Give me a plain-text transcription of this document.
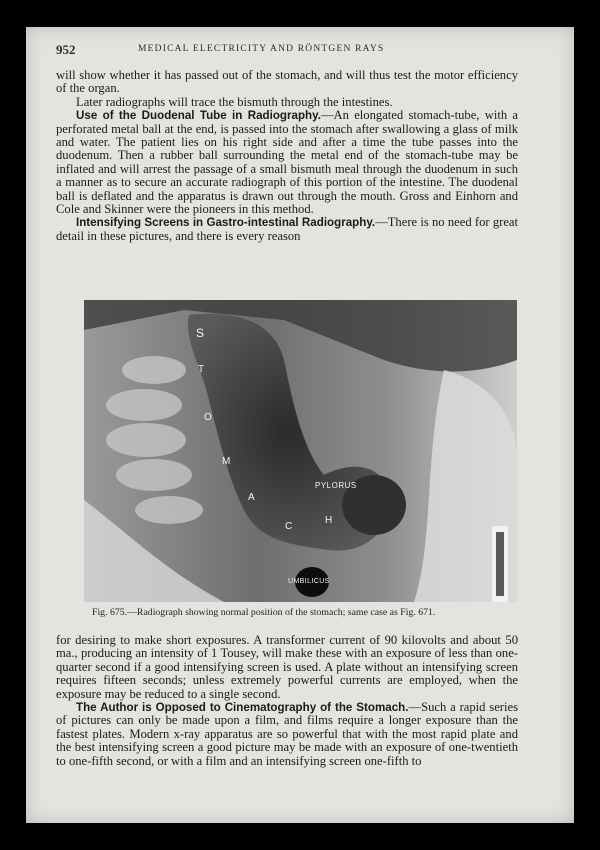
952	MEDICAL ELECTRICITY AND RÖNTGEN RAYS

will show whether it has passed out of the stomach, and will thus test the motor efficiency of the organ.

Later radiographs will trace the bismuth through the intestines.

Use of the Duodenal Tube in Radiography.—An elongated stomach-tube, with a perforated metal ball at the end, is passed into the stomach after swallowing a glass of milk and water. The patient lies on his right side and after a time the tube passes into the duodenum. Then a rubber ball surrounding the metal end of the stomach-tube may be inflated and will arrest the passage of a small bismuth meal through the duodenum in such a manner as to secure an accurate radiograph of this portion of the intestine. The duodenal ball is deflated and the apparatus is drawn out through the mouth. Gross and Einhorn and Cole and Skinner were the pioneers in this method.

Intensifying Screens in Gastro-intestinal Radiography.—There is no need for great detail in these pictures, and there is every reason

S
T
O
M
A
C
H
PYLORUS
UMBILICUS
Fig. 675.—Radiograph showing normal position of the stomach; same case as Fig. 671.

for desiring to make short exposures. A transformer current of 90 kilovolts and about 50 ma., producing an intensity of 1 Tousey, will make these with an exposure of less than one-quarter second if a good intensifying screen is used. A plate without an intensifying screen requires fifteen seconds; unless extremely powerful currents are employed, when the exposure may be reduced to a single second.

The Author is Opposed to Cinematography of the Stomach.—Such a rapid series of pictures can only be made upon a film, and films require a longer exposure than the fastest plates. Modern x-ray apparatus are so powerful that with the most rapid plate and the best intensifying screen a good picture may be made with an exposure of one-twentieth to one-fifth second, or with a film and an intensifying screen one-fifth to
